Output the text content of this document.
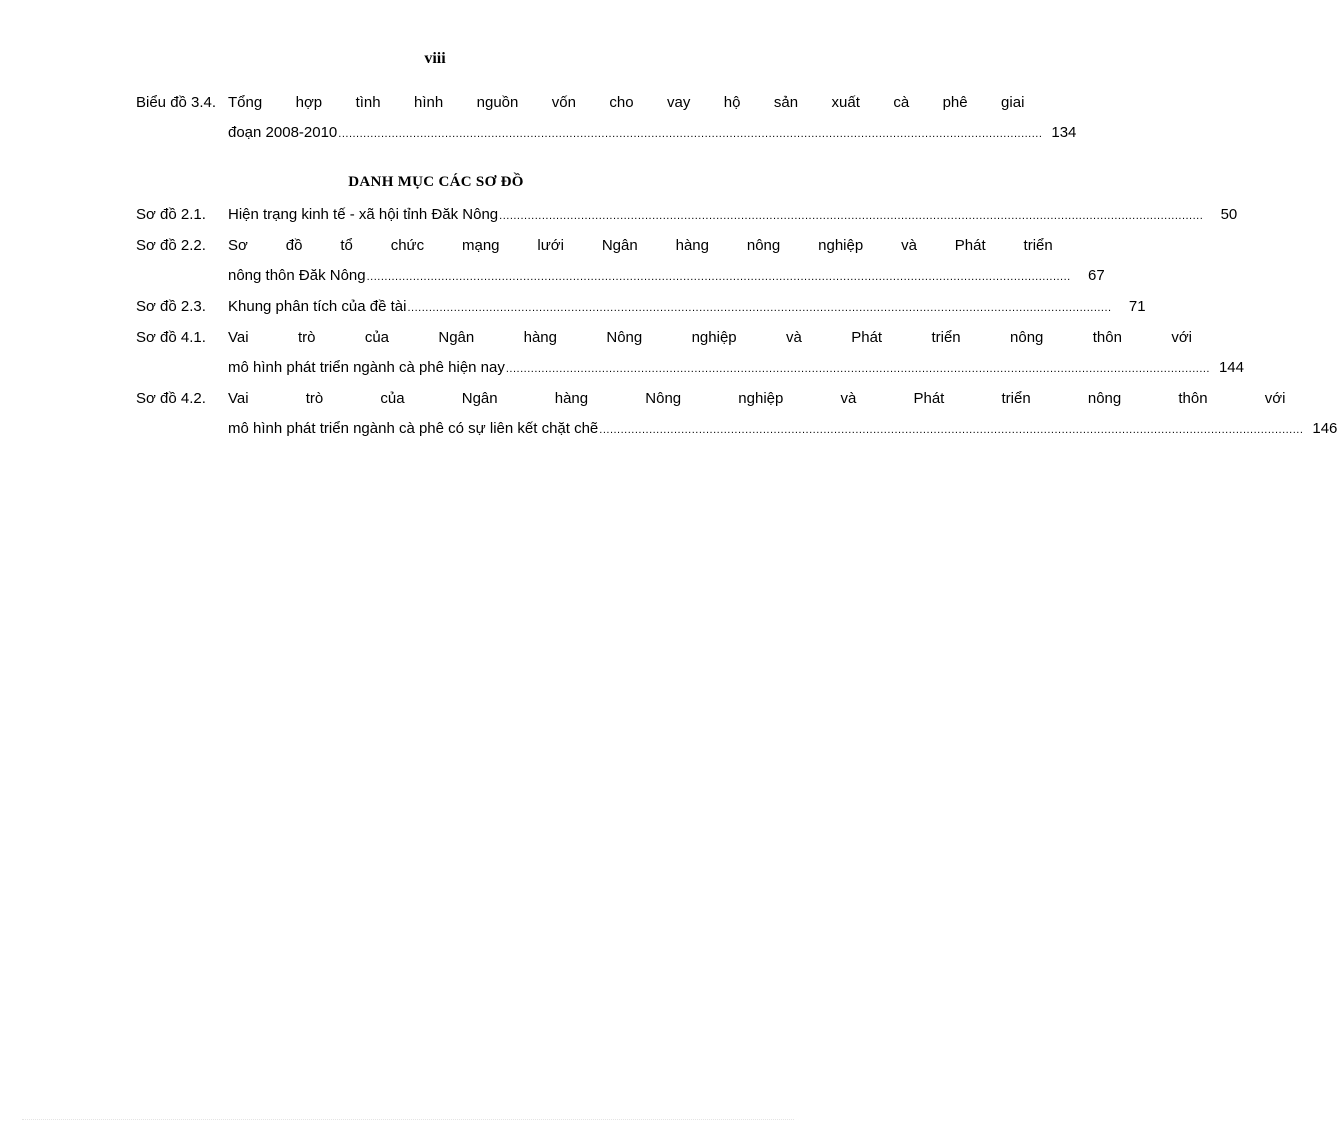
viii
Biểu đồ 3.4. Tổng hợp tình hình nguồn vốn cho vay hộ sản xuất cà phê giai
đoạn 2008-2010 .....	134
DANH MỤC CÁC SƠ ĐỒ
Sơ đồ 2.1.	Hiện trạng kinh tế - xã hội tỉnh Đăk Nông .....	50
Sơ đồ 2.2.	Sơ đồ tổ chức mạng lưới Ngân hàng nông nghiệp và Phát triển
nông thôn Đăk Nông .....	67
Sơ đồ 2.3.	Khung phân tích của đề tài .....	71
Sơ đồ 4.1.	Vai trò của Ngân hàng Nông nghiệp và Phát triển nông thôn với
mô hình phát triển ngành cà phê hiện nay .....	144
Sơ đồ 4.2.	Vai trò của Ngân hàng Nông nghiệp và Phát triển nông thôn với
mô hình phát triển ngành cà phê có sự liên kết chặt chẽ .....	146
